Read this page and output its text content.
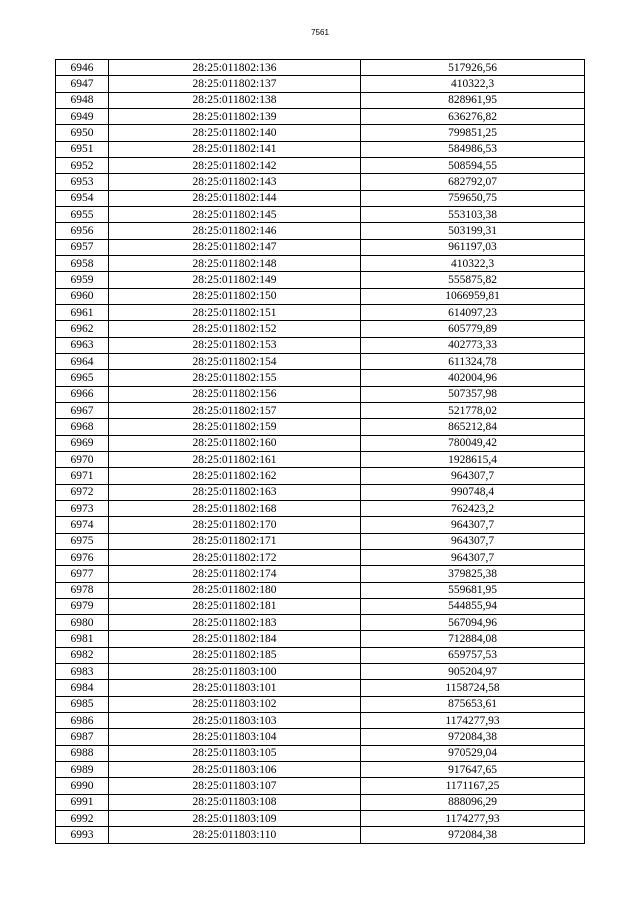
7561
6946	28:25:011802:136	517926,56
6947	28:25:011802:137	410322,3
6948	28:25:011802:138	828961,95
6949	28:25:011802:139	636276,82
6950	28:25:011802:140	799851,25
6951	28:25:011802:141	584986,53
6952	28:25:011802:142	508594,55
6953	28:25:011802:143	682792,07
6954	28:25:011802:144	759650,75
6955	28:25:011802:145	553103,38
6956	28:25:011802:146	503199,31
6957	28:25:011802:147	961197,03
6958	28:25:011802:148	410322,3
6959	28:25:011802:149	555875,82
6960	28:25:011802:150	1066959,81
6961	28:25:011802:151	614097,23
6962	28:25:011802:152	605779,89
6963	28:25:011802:153	402773,33
6964	28:25:011802:154	611324,78
6965	28:25:011802:155	402004,96
6966	28:25:011802:156	507357,98
6967	28:25:011802:157	521778,02
6968	28:25:011802:159	865212,84
6969	28:25:011802:160	780049,42
6970	28:25:011802:161	1928615,4
6971	28:25:011802:162	964307,7
6972	28:25:011802:163	990748,4
6973	28:25:011802:168	762423,2
6974	28:25:011802:170	964307,7
6975	28:25:011802:171	964307,7
6976	28:25:011802:172	964307,7
6977	28:25:011802:174	379825,38
6978	28:25:011802:180	559681,95
6979	28:25:011802:181	544855,94
6980	28:25:011802:183	567094,96
6981	28:25:011802:184	712884,08
6982	28:25:011802:185	659757,53
6983	28:25:011803:100	905204,97
6984	28:25:011803:101	1158724,58
6985	28:25:011803:102	875653,61
6986	28:25:011803:103	1174277,93
6987	28:25:011803:104	972084,38
6988	28:25:011803:105	970529,04
6989	28:25:011803:106	917647,65
6990	28:25:011803:107	1171167,25
6991	28:25:011803:108	888096,29
6992	28:25:011803:109	1174277,93
6993	28:25:011803:110	972084,38
